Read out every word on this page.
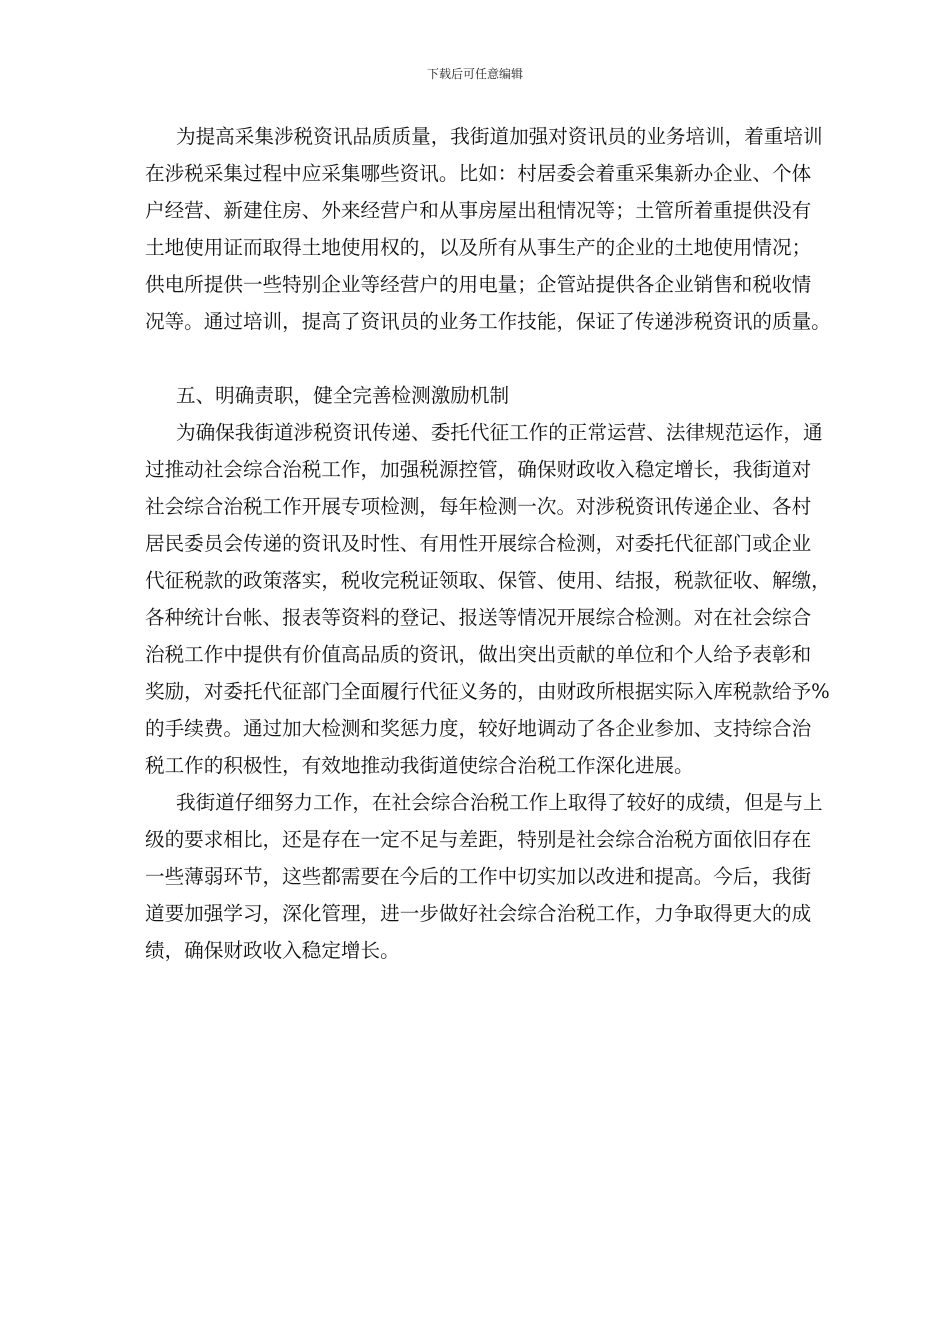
下载后可任意编辑
为提高采集涉税资讯品质质量，我街道加强对资讯员的业务培训，着重培训
在涉税采集过程中应采集哪些资讯。比如：村居委会着重采集新办企业、个体
户经营、新建住房、外来经营户和从事房屋出租情况等；土管所着重提供没有
土地使用证而取得土地使用权的，以及所有从事生产的企业的土地使用情况；
供电所提供一些特别企业等经营户的用电量；企管站提供各企业销售和税收情
况等。通过培训，提高了资讯员的业务工作技能，保证了传递涉税资讯的质量。
五、明确责职，健全完善检测激励机制
为确保我街道涉税资讯传递、委托代征工作的正常运营、法律规范运作，通
过推动社会综合治税工作，加强税源控管，确保财政收入稳定增长，我街道对
社会综合治税工作开展专项检测，每年检测一次。对涉税资讯传递企业、各村
居民委员会传递的资讯及时性、有用性开展综合检测，对委托代征部门或企业
代征税款的政策落实，税收完税证领取、保管、使用、结报，税款征收、解缴，
各种统计台帐、报表等资料的登记、报送等情况开展综合检测。对在社会综合
治税工作中提供有价值高品质的资讯，做出突出贡献的单位和个人给予表彰和
奖励，对委托代征部门全面履行代征义务的，由财政所根据实际入库税款给予%
的手续费。通过加大检测和奖惩力度，较好地调动了各企业参加、支持综合治
税工作的积极性，有效地推动我街道使综合治税工作深化进展。
我街道仔细努力工作，在社会综合治税工作上取得了较好的成绩，但是与上
级的要求相比，还是存在一定不足与差距，特别是社会综合治税方面依旧存在
一些薄弱环节，这些都需要在今后的工作中切实加以改进和提高。今后，我街
道要加强学习，深化管理，进一步做好社会综合治税工作，力争取得更大的成
绩，确保财政收入稳定增长。
